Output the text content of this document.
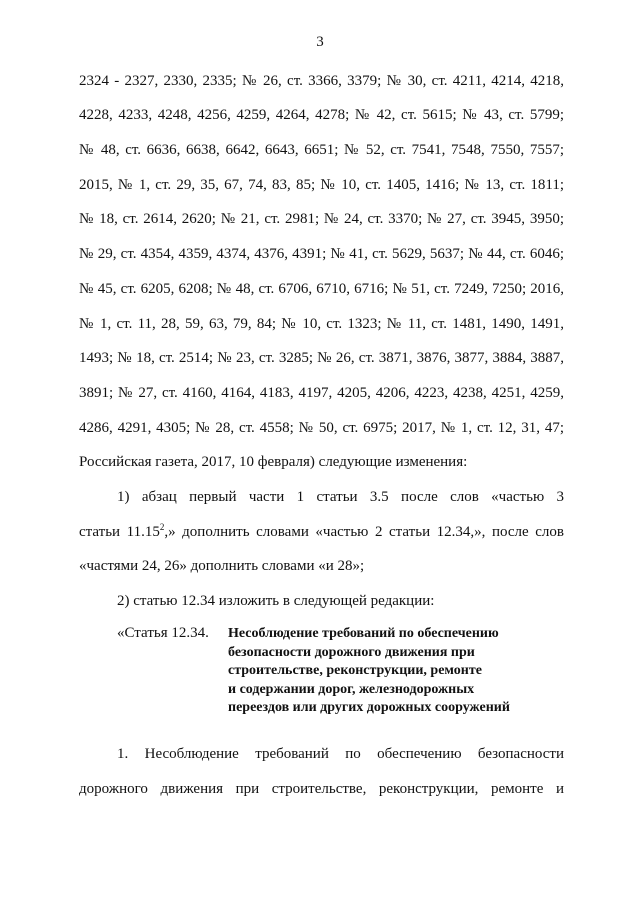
3
2324 - 2327, 2330, 2335; № 26, ст. 3366, 3379; № 30, ст. 4211, 4214, 4218,
4228, 4233, 4248, 4256, 4259, 4264, 4278; № 42, ст. 5615; № 43, ст. 5799;
№ 48, ст. 6636, 6638, 6642, 6643, 6651; № 52, ст. 7541, 7548, 7550, 7557;
2015, № 1, ст. 29, 35, 67, 74, 83, 85; № 10, ст. 1405, 1416; № 13, ст. 1811;
№ 18, ст. 2614, 2620; № 21, ст. 2981; № 24, ст. 3370; № 27, ст. 3945, 3950;
№ 29, ст. 4354, 4359, 4374, 4376, 4391; № 41, ст. 5629, 5637; № 44, ст. 6046;
№ 45, ст. 6205, 6208; № 48, ст. 6706, 6710, 6716; № 51, ст. 7249, 7250; 2016,
№ 1, ст. 11, 28, 59, 63, 79, 84; № 10, ст. 1323; № 11, ст. 1481, 1490, 1491,
1493; № 18, ст. 2514; № 23, ст. 3285; № 26, ст. 3871, 3876, 3877, 3884, 3887,
3891; № 27, ст. 4160, 4164, 4183, 4197, 4205, 4206, 4223, 4238, 4251, 4259,
4286, 4291, 4305; № 28, ст. 4558; № 50, ст. 6975; 2017, № 1, ст. 12, 31, 47;
Российская газета, 2017, 10 февраля) следующие изменения:
1) абзац первый части 1 статьи 3.5 после слов «частью 3
статьи 11.15$^2$,» дополнить словами «частью 2 статьи 12.34,», после слов
«частями 24, 26» дополнить словами «и 28»;
2) статью 12.34 изложить в следующей редакции:
«Статья 12.34. Несоблюдение требований по обеспечению
безопасности дорожного движения при
строительстве, реконструкции, ремонте
и содержании дорог, железнодорожных
переездов или других дорожных сооружений
1. Несоблюдение требований по обеспечению безопасности
дорожного движения при строительстве, реконструкции, ремонте и
